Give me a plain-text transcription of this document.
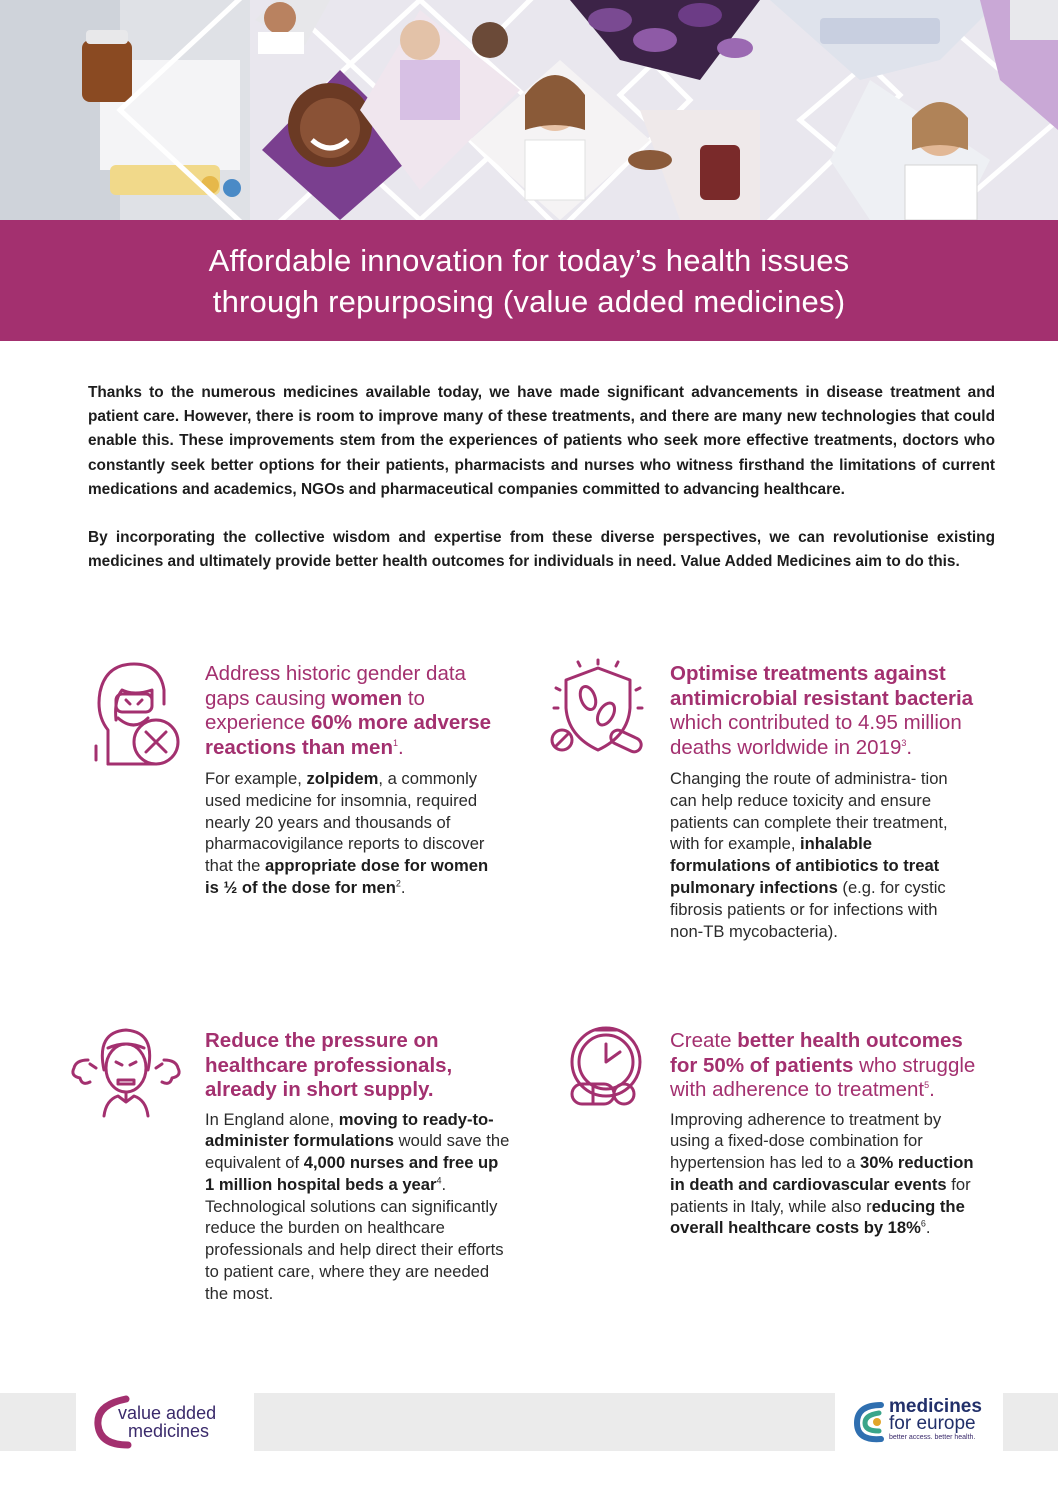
Affordable innovation for today’s health issues
through repurposing (value added medicines)

Thanks to the numerous medicines available today, we have made significant advancements in disease treatment and patient care. However, there is room to improve many of these treatments, and there are many new technologies that could enable this. These improvements stem from the experiences of patients who seek more effective treatments, doctors who constantly seek better options for their patients, pharmacists and nurses who witness firsthand the limitations of current medications and academics, NGOs and pharmaceutical companies committed to advancing healthcare.

By incorporating the collective wisdom and expertise from these diverse perspectives, we can revolutionise existing medicines and ultimately provide better health outcomes for individuals in need. Value Added Medicines aim to do this.

Address historic gender data gaps causing women to experience 60% more adverse reactions than men$^1$.

For example, zolpidem, a commonly used medicine for insomnia, required nearly 20 years and thousands of pharmacovigilance reports to discover that the appropriate dose for women is ½ of the dose for men$^2$.

Optimise treatments against antimicrobial resistant bacteria which contributed to 4.95 million deaths worldwide in 2019$^3$.

Changing the route of administra- tion can help reduce toxicity and ensure patients can complete their treatment, with for example, inhalable formulations of antibiotics to treat pulmonary infections (e.g. for cystic fibrosis patients or for infections with non-TB mycobacteria).

Reduce the pressure on healthcare professionals, already in short supply.

In England alone, moving to ready-to-administer formulations would save the equivalent of 4,000 nurses and free up 1 million hospital beds a year$^4$. Technological solutions can significantly reduce the burden on healthcare professionals and help direct their efforts to patient care, where they are needed the most.

Create better health outcomes for 50% of patients who struggle with adherence to treatment$^5$.

Improving adherence to treatment by using a fixed-dose combination for hypertension has led to a 30% reduction in death and cardiovascular events for patients in Italy, while also reducing the overall healthcare costs by 18%$^6$.

value added
medicines
medicines
for europe
better access. better health.
